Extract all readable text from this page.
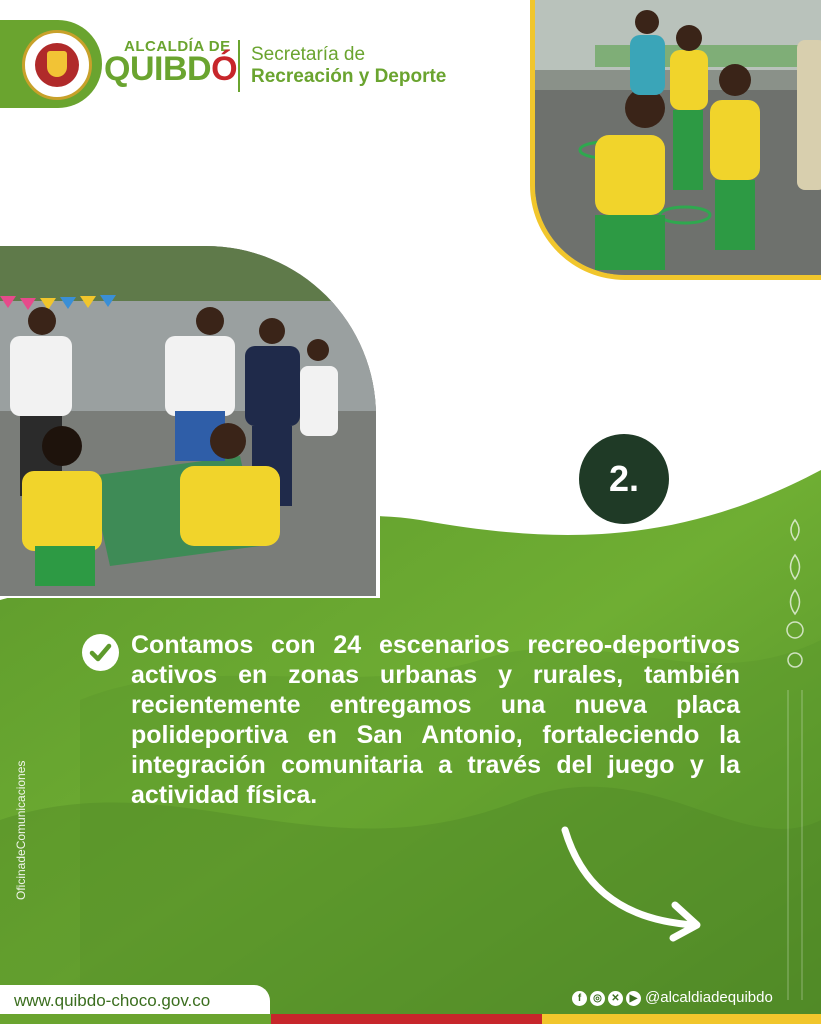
ALCALDÍA DE
QUIBDÓ Secretaría de
Recreación y Deporte
2.
Contamos con 24 escenarios recreo-deportivos activos en zonas urbanas y rurales, también recientemente entregamos una nueva placa polideportiva en San Antonio, fortaleciendo la integración comunitaria a través del juego y la actividad física.
OficinadeComunicaciones
www.quibdo-choco.gov.co	f	◎ ✕ ▶ @alcaldiadequibdo
